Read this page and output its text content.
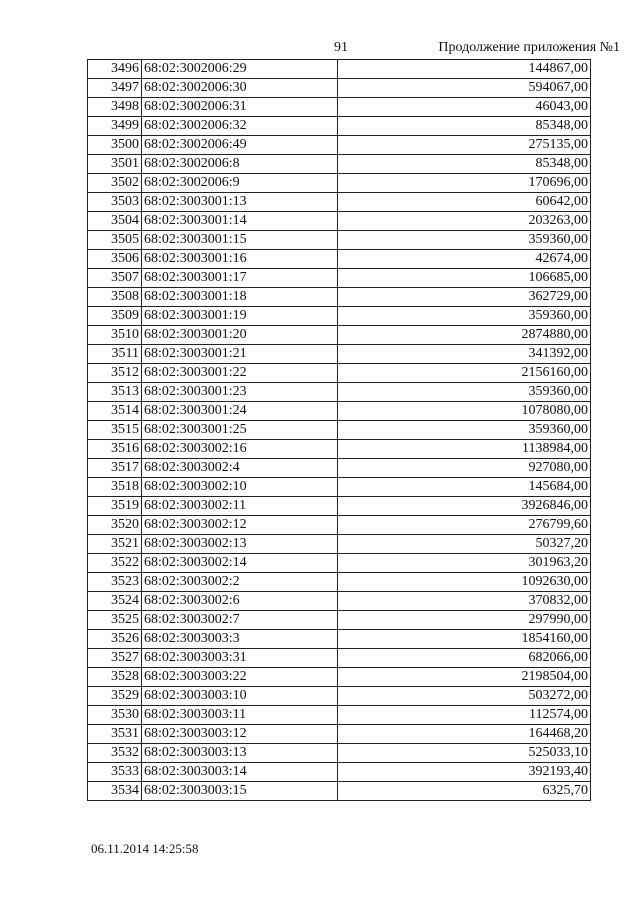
91	Продолжение приложения №1
3496	68:02:3002006:29	144867,00
3497	68:02:3002006:30	594067,00
3498	68:02:3002006:31	46043,00
3499	68:02:3002006:32	85348,00
3500	68:02:3002006:49	275135,00
3501	68:02:3002006:8	85348,00
3502	68:02:3002006:9	170696,00
3503	68:02:3003001:13	60642,00
3504	68:02:3003001:14	203263,00
3505	68:02:3003001:15	359360,00
3506	68:02:3003001:16	42674,00
3507	68:02:3003001:17	106685,00
3508	68:02:3003001:18	362729,00
3509	68:02:3003001:19	359360,00
3510	68:02:3003001:20	2874880,00
3511	68:02:3003001:21	341392,00
3512	68:02:3003001:22	2156160,00
3513	68:02:3003001:23	359360,00
3514	68:02:3003001:24	1078080,00
3515	68:02:3003001:25	359360,00
3516	68:02:3003002:16	1138984,00
3517	68:02:3003002:4	927080,00
3518	68:02:3003002:10	145684,00
3519	68:02:3003002:11	3926846,00
3520	68:02:3003002:12	276799,60
3521	68:02:3003002:13	50327,20
3522	68:02:3003002:14	301963,20
3523	68:02:3003002:2	1092630,00
3524	68:02:3003002:6	370832,00
3525	68:02:3003002:7	297990,00
3526	68:02:3003003:3	1854160,00
3527	68:02:3003003:31	682066,00
3528	68:02:3003003:22	2198504,00
3529	68:02:3003003:10	503272,00
3530	68:02:3003003:11	112574,00
3531	68:02:3003003:12	164468,20
3532	68:02:3003003:13	525033,10
3533	68:02:3003003:14	392193,40
3534	68:02:3003003:15	6325,70
06.11.2014 14:25:58
